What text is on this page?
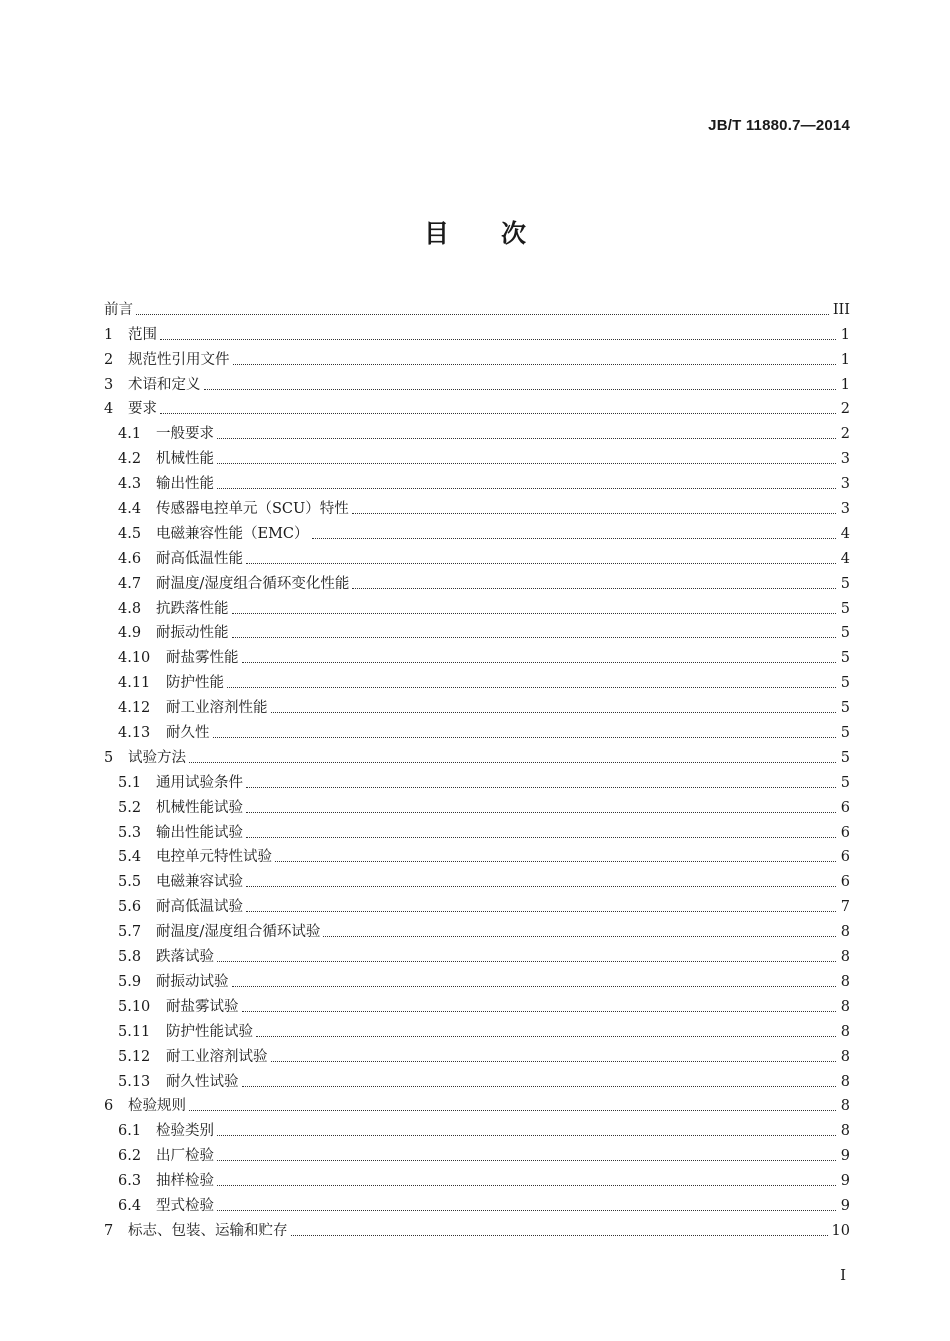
JB/T 11880.7—2014
目 次
前言	III
1	范围	1
2	规范性引用文件	1
3	术语和定义	1
4	要求	2
4.1	一般要求	2
4.2	机械性能	3
4.3	输出性能	3
4.4	传感器电控单元（SCU）特性	3
4.5	电磁兼容性能（EMC）	4
4.6	耐高低温性能	4
4.7	耐温度/湿度组合循环变化性能	5
4.8	抗跌落性能	5
4.9	耐振动性能	5
4.10	耐盐雾性能	5
4.11	防护性能	5
4.12	耐工业溶剂性能	5
4.13	耐久性	5
5	试验方法	5
5.1	通用试验条件	5
5.2	机械性能试验	6
5.3	输出性能试验	6
5.4	电控单元特性试验	6
5.5	电磁兼容试验	6
5.6	耐高低温试验	7
5.7	耐温度/湿度组合循环试验	8
5.8	跌落试验	8
5.9	耐振动试验	8
5.10	耐盐雾试验	8
5.11	防护性能试验	8
5.12	耐工业溶剂试验	8
5.13	耐久性试验	8
6	检验规则	8
6.1	检验类别	8
6.2	出厂检验	9
6.3	抽样检验	9
6.4	型式检验	9
7	标志、包装、运输和贮存	10
I
